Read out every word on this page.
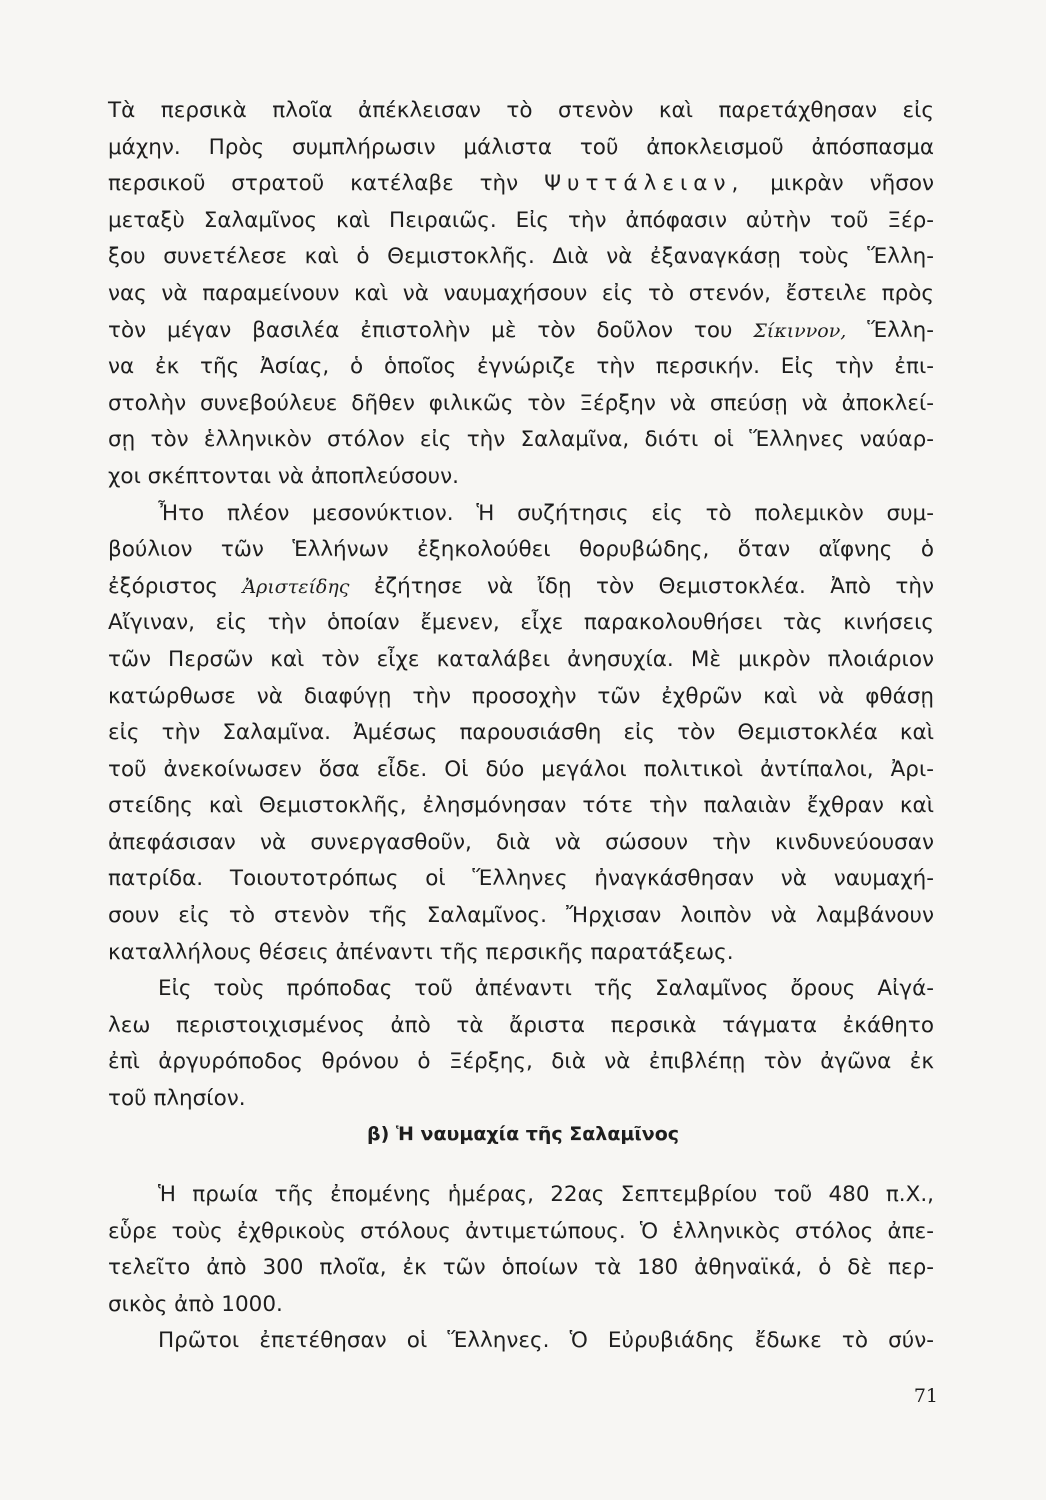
Τὰ περσικὰ πλοῖα ἀπέκλεισαν τὸ στενὸν καὶ παρετάχθησαν εἰς
μάχην. Πρὸς συμπλήρωσιν μάλιστα τοῦ ἀποκλεισμοῦ ἀπόσπασμα
περσικοῦ στρατοῦ κατέλαβε τὴν Ψυττάλειαν, μικρὰν νῆσον
μεταξὺ Σαλαμῖνος καὶ Πειραιῶς. Εἰς τὴν ἀπόφασιν αὐτὴν τοῦ Ξέρ-
ξου συνετέλεσε καὶ ὁ Θεμιστοκλῆς. Διὰ νὰ ἐξαναγκάσῃ τοὺς Ἕλλη-
νας νὰ παραμείνουν καὶ νὰ ναυμαχήσουν εἰς τὸ στενόν, ἔστειλε πρὸς
τὸν μέγαν βασιλέα ἐπιστολὴν μὲ τὸν δοῦλον του Σίκιννον, Ἕλλη-
να ἐκ τῆς Ἀσίας, ὁ ὁποῖος ἐγνώριζε τὴν περσικήν. Εἰς τὴν ἐπι-
στολὴν συνεβούλευε δῆθεν φιλικῶς τὸν Ξέρξην νὰ σπεύσῃ νὰ ἀποκλεί-
σῃ τὸν ἑλληνικὸν στόλον εἰς τὴν Σαλαμῖνα, διότι οἱ Ἕλληνες ναύαρ-
χοι σκέπτονται νὰ ἀποπλεύσουν.
Ἦτο πλέον μεσονύκτιον. Ἡ συζήτησις εἰς τὸ πολεμικὸν συμ-
βούλιον τῶν Ἑλλήνων ἐξηκολούθει θορυβώδης, ὅταν αἴφνης ὁ
ἐξόριστος Ἀριστείδης ἐζήτησε νὰ ἴδῃ τὸν Θεμιστοκλέα. Ἀπὸ τὴν
Αἴγιναν, εἰς τὴν ὁποίαν ἔμενεν, εἶχε παρακολουθήσει τὰς κινήσεις
τῶν Περσῶν καὶ τὸν εἶχε καταλάβει ἀνησυχία. Μὲ μικρὸν πλοιάριον
κατώρθωσε νὰ διαφύγῃ τὴν προσοχὴν τῶν ἐχθρῶν καὶ νὰ φθάσῃ
εἰς τὴν Σαλαμῖνα. Ἀμέσως παρουσιάσθη εἰς τὸν Θεμιστοκλέα καὶ
τοῦ ἀνεκοίνωσεν ὅσα εἶδε. Οἱ δύο μεγάλοι πολιτικοὶ ἀντίπαλοι, Ἀρι-
στείδης καὶ Θεμιστοκλῆς, ἐλησμόνησαν τότε τὴν παλαιὰν ἔχθραν καὶ
ἀπεφάσισαν νὰ συνεργασθοῦν, διὰ νὰ σώσουν τὴν κινδυνεύουσαν
πατρίδα. Τοιουτοτρόπως οἱ Ἕλληνες ἠναγκάσθησαν νὰ ναυμαχή-
σουν εἰς τὸ στενὸν τῆς Σαλαμῖνος. Ἤρχισαν λοιπὸν νὰ λαμβάνουν
καταλλήλους θέσεις ἀπέναντι τῆς περσικῆς παρατάξεως.
Εἰς τοὺς πρόποδας τοῦ ἀπέναντι τῆς Σαλαμῖνος ὄρους Αἰγά-
λεω περιστοιχισμένος ἀπὸ τὰ ἄριστα περσικὰ τάγματα ἐκάθητο
ἐπὶ ἀργυρόποδος θρόνου ὁ Ξέρξης, διὰ νὰ ἐπιβλέπῃ τὸν ἀγῶνα ἐκ
τοῦ πλησίον.
β) Ἡ ναυμαχία τῆς Σαλαμῖνος
Ἡ πρωία τῆς ἐπομένης ἡμέρας, 22ας Σεπτεμβρίου τοῦ 480 π.Χ.,
εὗρε τοὺς ἐχθρικοὺς στόλους ἀντιμετώπους. Ὁ ἑλληνικὸς στόλος ἀπε-
τελεῖτο ἀπὸ 300 πλοῖα, ἐκ τῶν ὁποίων τὰ 180 ἀθηναϊκά, ὁ δὲ περ-
σικὸς ἀπὸ 1000.
Πρῶτοι ἐπετέθησαν οἱ Ἕλληνες. Ὁ Εὐρυβιάδης ἔδωκε τὸ σύν-
71
